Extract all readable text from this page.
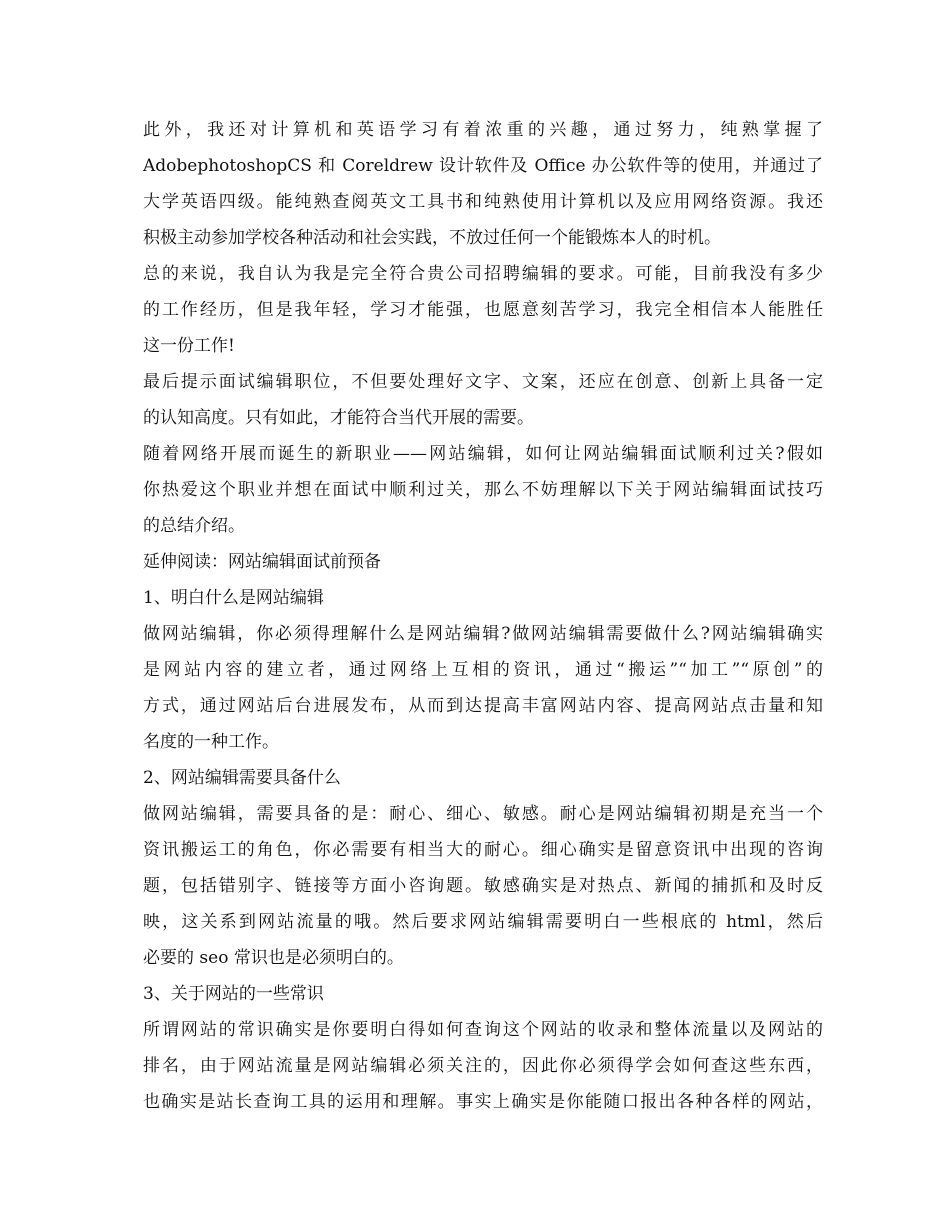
此外，我还对计算机和英语学习有着浓重的兴趣，通过努力，纯熟掌握了
AdobephotoshopCS 和 Coreldrew 设计软件及 Office 办公软件等的使用，并通过了
大学英语四级。能纯熟查阅英文工具书和纯熟使用计算机以及应用网络资源。我还
积极主动参加学校各种活动和社会实践，不放过任何一个能锻炼本人的时机。
总的来说，我自认为我是完全符合贵公司招聘编辑的要求。可能，目前我没有多少
的工作经历，但是我年轻，学习才能强，也愿意刻苦学习，我完全相信本人能胜任
这一份工作!
最后提示面试编辑职位，不但要处理好文字、文案，还应在创意、创新上具备一定
的认知高度。只有如此，才能符合当代开展的需要。
随着网络开展而诞生的新职业——网站编辑，如何让网站编辑面试顺利过关?假如
你热爱这个职业并想在面试中顺利过关，那么不妨理解以下关于网站编辑面试技巧
的总结介绍。
延伸阅读：网站编辑面试前预备
1、明白什么是网站编辑
做网站编辑，你必须得理解什么是网站编辑?做网站编辑需要做什么?网站编辑确实
是网站内容的建立者，通过网络上互相的资讯，通过“搬运”“加工”“原创”的
方式，通过网站后台进展发布，从而到达提高丰富网站内容、提高网站点击量和知
名度的一种工作。
2、网站编辑需要具备什么
做网站编辑，需要具备的是：耐心、细心、敏感。耐心是网站编辑初期是充当一个
资讯搬运工的角色，你必需要有相当大的耐心。细心确实是留意资讯中出现的咨询
题，包括错别字、链接等方面小咨询题。敏感确实是对热点、新闻的捕抓和及时反
映，这关系到网站流量的哦。然后要求网站编辑需要明白一些根底的 html，然后
必要的 seo 常识也是必须明白的。
3、关于网站的一些常识
所谓网站的常识确实是你要明白得如何查询这个网站的收录和整体流量以及网站的
排名，由于网站流量是网站编辑必须关注的，因此你必须得学会如何查这些东西，
也确实是站长查询工具的运用和理解。事实上确实是你能随口报出各种各样的网站，
